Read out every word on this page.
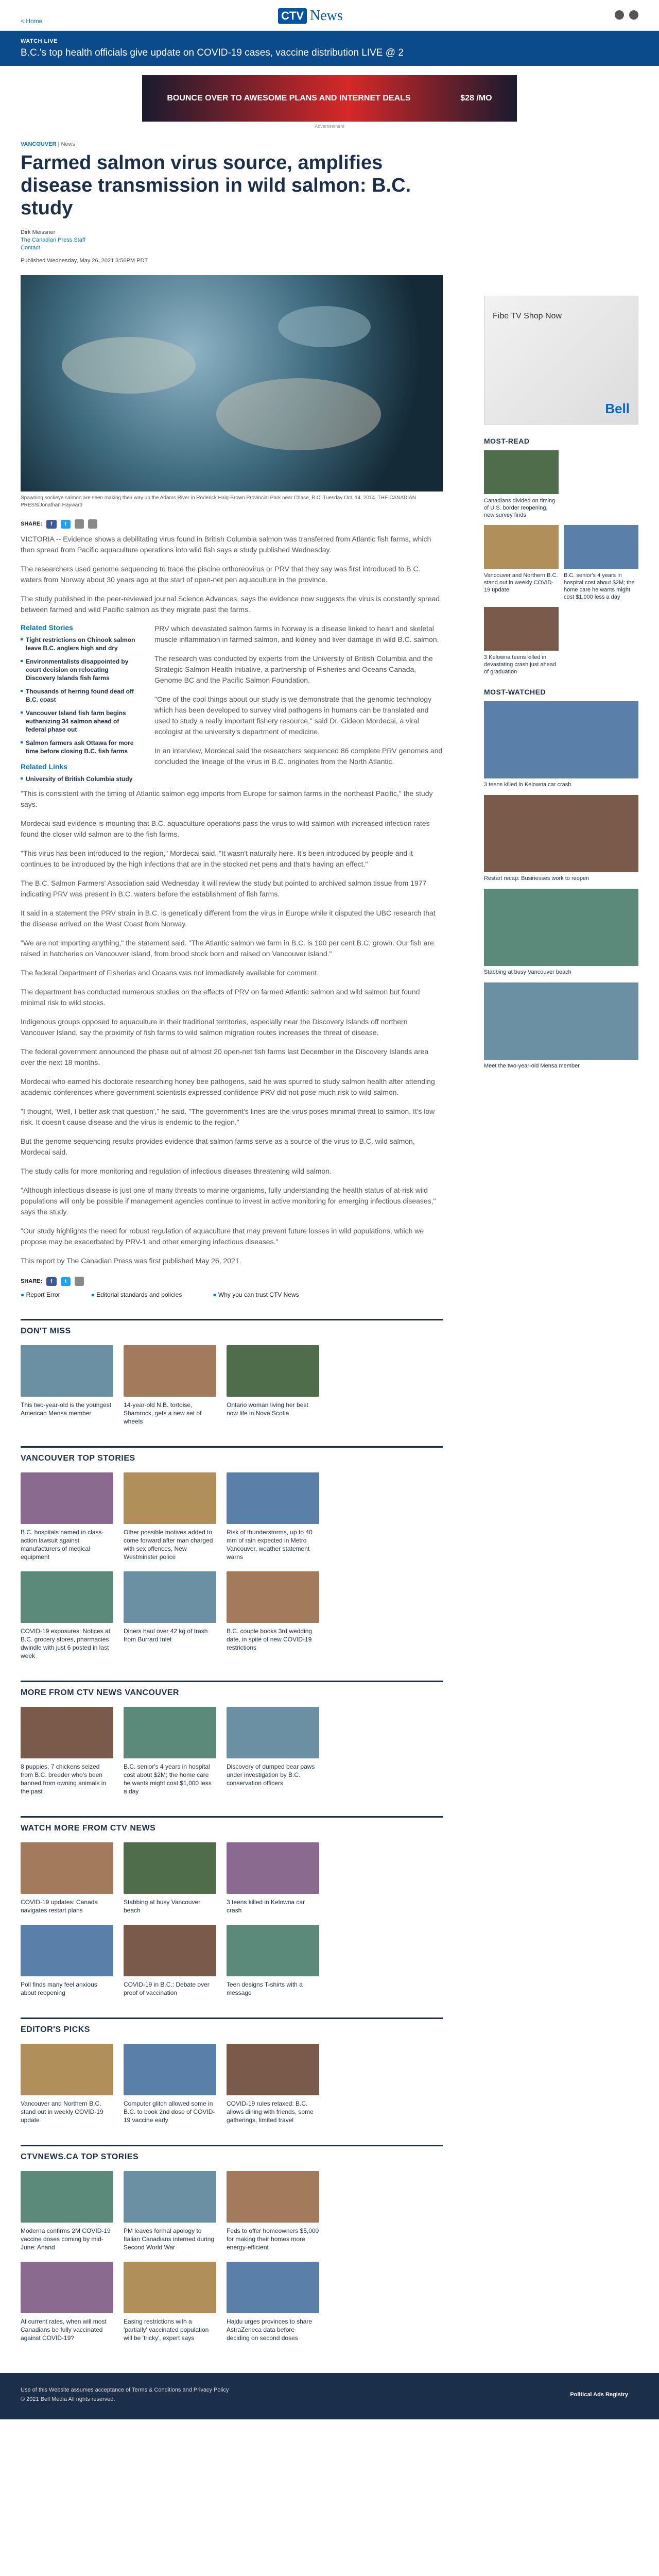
< Home	CTV News
WATCH LIVE
B.C.'s top health officials give update on COVID-19 cases, vaccine distribution LIVE @ 2
BOUNCE OVER TO AWESOME PLANS AND INTERNET DEALS	$28 /MO
Advertisement
VANCOUVER | News
Farmed salmon virus source, amplifies disease transmission in wild salmon: B.C. study
Dirk Meissner
The Canadian Press Staff
Contact
Published Wednesday, May 26, 2021 3:56PM PDT
Spawning sockeye salmon are seen making their way up the Adams River in Roderick Haig-Brown Provincial Park near Chase, B.C. Tuesday Oct. 14, 2014. THE CANADIAN PRESS/Jonathan Hayward
SHARE:	f	t

VICTORIA -- Evidence shows a debilitating virus found in British Columbia salmon was transferred from Atlantic fish farms, which then spread from Pacific aquaculture operations into wild fish says a study published Wednesday.

The researchers used genome sequencing to trace the piscine orthoreovirus or PRV that they say was first introduced to B.C. waters from Norway about 30 years ago at the start of open-net pen aquaculture in the province.

The study published in the peer-reviewed journal Science Advances, says the evidence now suggests the virus is constantly spread between farmed and wild Pacific salmon as they migrate past the farms.

Related Stories
Tight restrictions on Chinook salmon leave B.C. anglers high and dry
Environmentalists disappointed by court decision on relocating Discovery Islands fish farms
Thousands of herring found dead off B.C. coast
Vancouver Island fish farm begins euthanizing 34 salmon ahead of federal phase out
Salmon farmers ask Ottawa for more time before closing B.C. fish farms
Related Links
University of British Columbia study

PRV which devastated salmon farms in Norway is a disease linked to heart and skeletal muscle inflammation in farmed salmon, and kidney and liver damage in wild B.C. salmon.

The research was conducted by experts from the University of British Columbia and the Strategic Salmon Health Initiative, a partnership of Fisheries and Oceans Canada, Genome BC and the Pacific Salmon Foundation.

"One of the cool things about our study is we demonstrate that the genomic technology which has been developed to survey viral pathogens in humans can be translated and used to study a really important fishery resource," said Dr. Gideon Mordecai, a viral ecologist at the university's department of medicine.

In an interview, Mordecai said the researchers sequenced 86 complete PRV genomes and concluded the lineage of the virus in B.C. originates from the North Atlantic.

"This is consistent with the timing of Atlantic salmon egg imports from Europe for salmon farms in the northeast Pacific," the study says.

Mordecai said evidence is mounting that B.C. aquaculture operations pass the virus to wild salmon with increased infection rates found the closer wild salmon are to the fish farms.

"This virus has been introduced to the region," Mordecai said. "It wasn't naturally here. It's been introduced by people and it continues to be introduced by the high infections that are in the stocked net pens and that's having an effect."

The B.C. Salmon Farmers' Association said Wednesday it will review the study but pointed to archived salmon tissue from 1977 indicating PRV was present in B.C. waters before the establishment of fish farms.

It said in a statement the PRV strain in B.C. is genetically different from the virus in Europe while it disputed the UBC research that the disease arrived on the West Coast from Norway.

"We are not importing anything," the statement said. "The Atlantic salmon we farm in B.C. is 100 per cent B.C. grown. Our fish are raised in hatcheries on Vancouver Island, from brood stock born and raised on Vancouver Island."

The federal Department of Fisheries and Oceans was not immediately available for comment.

The department has conducted numerous studies on the effects of PRV on farmed Atlantic salmon and wild salmon but found minimal risk to wild stocks.

Indigenous groups opposed to aquaculture in their traditional territories, especially near the Discovery Islands off northern Vancouver Island, say the proximity of fish farms to wild salmon migration routes increases the threat of disease.

The federal government announced the phase out of almost 20 open-net fish farms last December in the Discovery Islands area over the next 18 months.

Mordecai who earned his doctorate researching honey bee pathogens, said he was spurred to study salmon health after attending academic conferences where government scientists expressed confidence PRV did not pose much risk to wild salmon.

"I thought, 'Well, I better ask that question'," he said. "The government's lines are the virus poses minimal threat to salmon. It's low risk. It doesn't cause disease and the virus is endemic to the region."

But the genome sequencing results provides evidence that salmon farms serve as a source of the virus to B.C. wild salmon, Mordecai said.

The study calls for more monitoring and regulation of infectious diseases threatening wild salmon.

"Although infectious disease is just one of many threats to marine organisms, fully understanding the health status of at-risk wild populations will only be possible if management agencies continue to invest in active monitoring for emerging infectious diseases," says the study.

"Our study highlights the need for robust regulation of aquaculture that may prevent future losses in wild populations, which we propose may be exacerbated by PRV-1 and other emerging infectious diseases."

This report by The Canadian Press was first published May 26, 2021.

SHARE:	f	t
● Report Error	● Editorial standards and policies	● Why you can trust CTV News
DON'T MISS
This two-year-old is the youngest American Mensa member
14-year-old N.B. tortoise, Shamrock, gets a new set of wheels
Ontario woman living her best now life in Nova Scotia
VANCOUVER TOP STORIES
B.C. hospitals named in class-action lawsuit against manufacturers of medical equipment
Other possible motives added to come forward after man charged with sex offences, New Westminster police
Risk of thunderstorms, up to 40 mm of rain expected in Metro Vancouver, weather statement warns
COVID-19 exposures: Notices at B.C. grocery stores, pharmacies dwindle with just 6 posted in last week
Diners haul over 42 kg of trash from Burrard Inlet
B.C. couple books 3rd wedding date, in spite of new COVID-19 restrictions
MORE FROM CTV NEWS VANCOUVER
8 puppies, 7 chickens seized from B.C. breeder who's been banned from owning animals in the past
B.C. senior's 4 years in hospital cost about $2M; the home care he wants might cost $1,000 less a day
Discovery of dumped bear paws under investigation by B.C. conservation officers
WATCH MORE FROM CTV NEWS
COVID-19 updates: Canada navigates restart plans
Stabbing at busy Vancouver beach
3 teens killed in Kelowna car crash
Poll finds many feel anxious about reopening
COVID-19 in B.C.: Debate over proof of vaccination
Teen designs T-shirts with a message
EDITOR'S PICKS
Vancouver and Northern B.C. stand out in weekly COVID-19 update
Computer glitch allowed some in B.C. to book 2nd dose of COVID-19 vaccine early
COVID-19 rules relaxed: B.C. allows dining with friends, some gatherings, limited travel
CTVNEWS.CA TOP STORIES
Moderna confirms 2M COVID-19 vaccine doses coming by mid-June: Anand
PM leaves formal apology to Italian Canadians interned during Second World War
Feds to offer homeowners $5,000 for making their homes more energy-efficient
At current rates, when will most Canadians be fully vaccinated against COVID-19?
Easing restrictions with a 'partially' vaccinated population will be 'tricky', expert says
Hajdu urges provinces to share AstraZeneca data before deciding on second doses
Fibe TV Shop Now
Bell
MOST-READ
Canadians divided on timing of U.S. border reopening, new survey finds
Vancouver and Northern B.C. stand out in weekly COVID-19 update
B.C. senior's 4 years in hospital cost about $2M; the home care he wants might cost $1,000 less a day
3 Kelowna teens killed in devastating crash just ahead of graduation
MOST-WATCHED
3 teens killed in Kelowna car crash
Restart recap: Businesses work to reopen
Stabbing at busy Vancouver beach
Meet the two-year-old Mensa member
Use of this Website assumes acceptance of Terms & Conditions and Privacy Policy
© 2021 Bell Media All rights reserved.
Political Ads Registry
